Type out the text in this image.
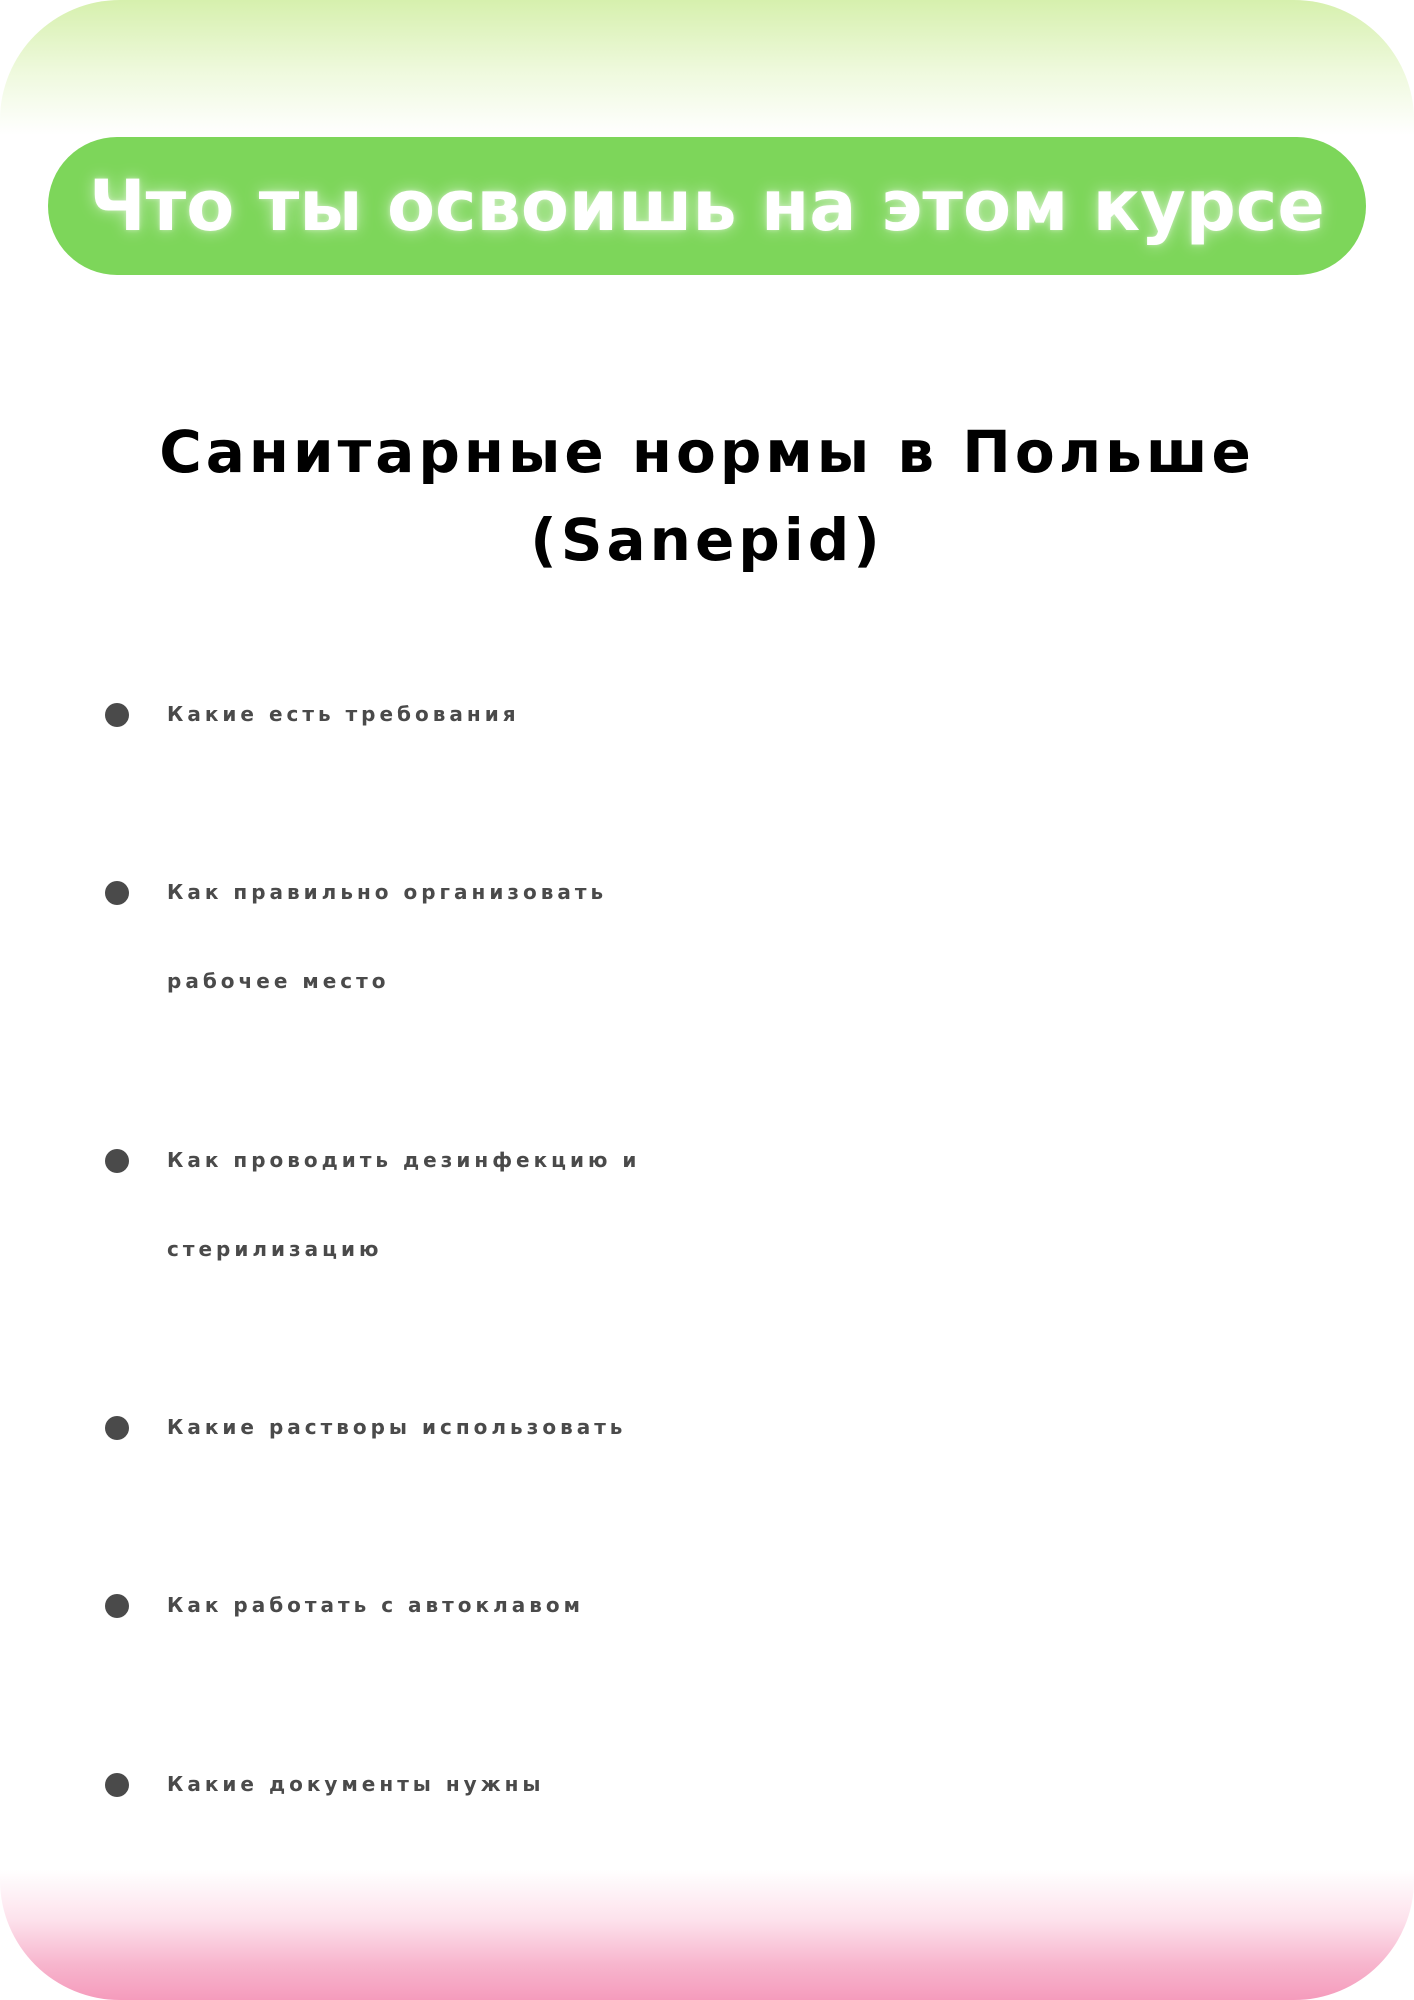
Что ты освоишь на этом курсе
Санитарные нормы в Польше
(Sanepid)
Какие есть требования
Как правильно организовать
рабочее место
Как проводить дезинфекцию и
стерилизацию
Какие растворы использовать
Как работать с автоклавом
Какие документы нужны
